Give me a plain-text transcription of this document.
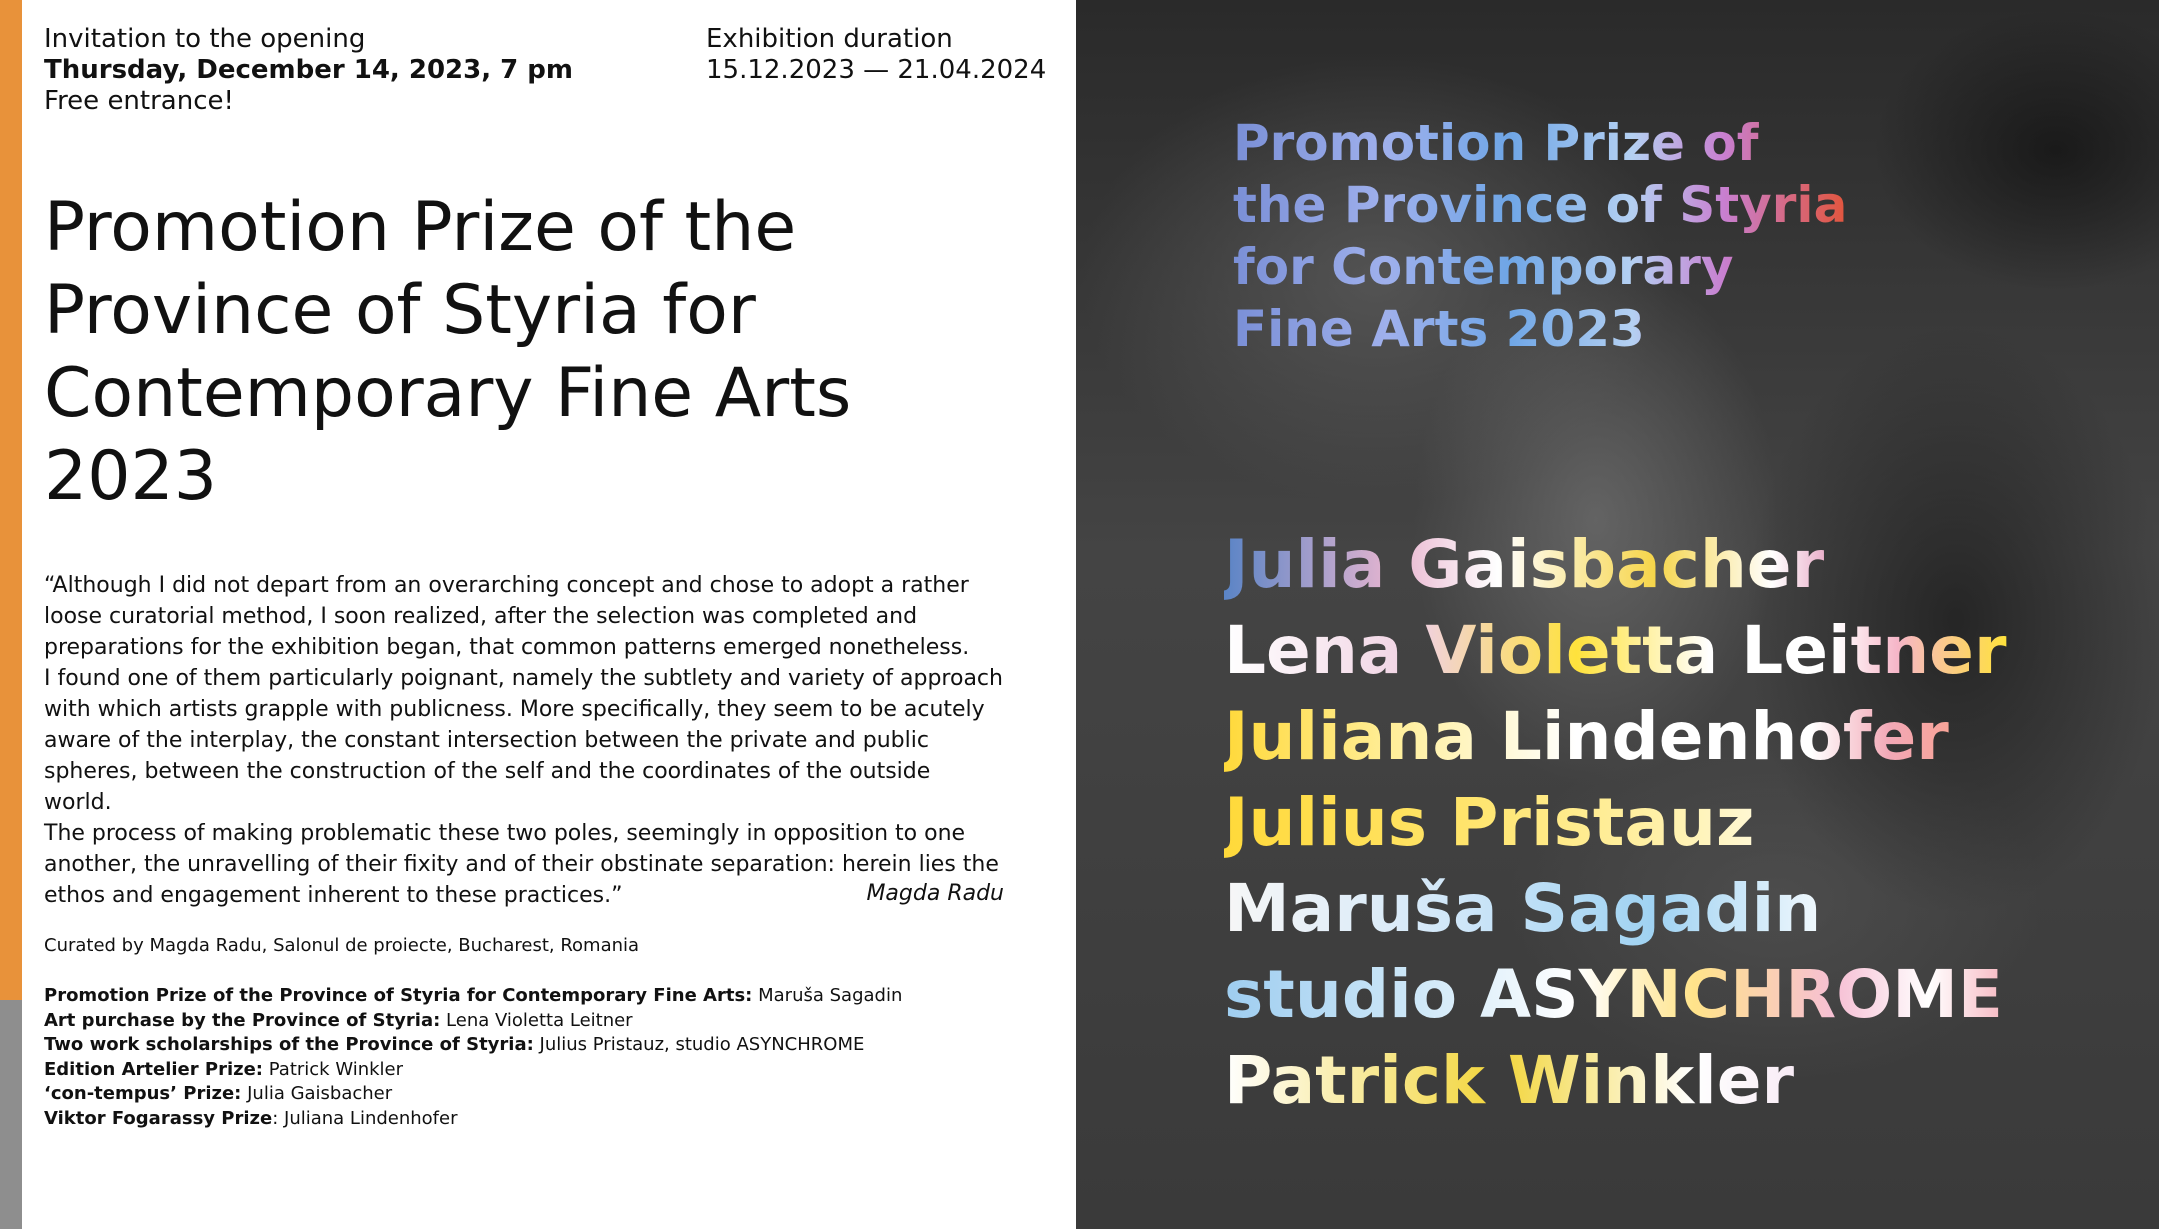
Invitation to the opening
Thursday, December 14, 2023, 7 pm
Free entrance!
Exhibition duration
15.12.2023 — 21.04.2024
Promotion Prize of the
Province of Styria for
Contemporary Fine Arts
2023
“Although I did not depart from an overarching concept and chose to adopt a rather
loose curatorial method, I soon realized, after the selection was completed and
preparations for the exhibition began, that common patterns emerged nonetheless.
I found one of them particularly poignant, namely the subtlety and variety of approach
with which artists grapple with publicness. More specifically, they seem to be acutely
aware of the interplay, the constant intersection between the private and public
spheres, between the construction of the self and the coordinates of the outside world.
The process of making problematic these two poles, seemingly in opposition to one
another, the unravelling of their fixity and of their obstinate separation: herein lies the
ethos and engagement inherent to these practices.”	Magda Radu
Curated by Magda Radu, Salonul de proiecte, Bucharest, Romania
Promotion Prize of the Province of Styria for Contemporary Fine Arts: Maruša Sagadin
Art purchase by the Province of Styria: Lena Violetta Leitner
Two work scholarships of the Province of Styria: Julius Pristauz, studio ASYNCHROME
Edition Artelier Prize: Patrick Winkler
‘con-tempus’ Prize: Julia Gaisbacher
Viktor Fogarassy Prize: Juliana Lindenhofer
Promotion Prize of
the Province of Styria
for Contemporary
Fine Arts 2023
Julia Gaisbacher
Lena Violetta Leitner
Juliana Lindenhofer
Julius Pristauz
Maruša Sagadin
studio ASYNCHROME
Patrick Winkler
